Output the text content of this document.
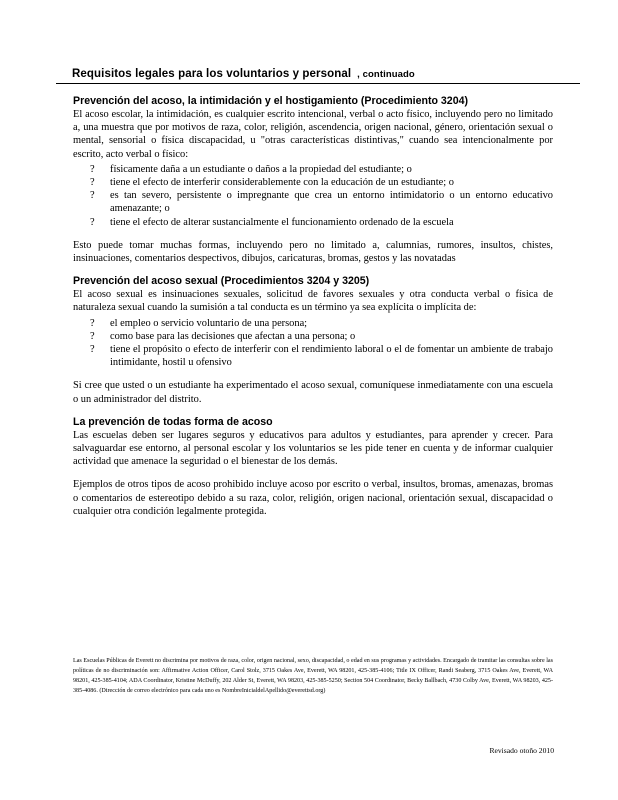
Requisitos legales para los voluntarios y personal , continuado

Prevención del acoso, la intimidación y el hostigamiento (Procedimiento 3204)

El acoso escolar, la intimidación, es cualquier escrito intencional, verbal o acto físico, incluyendo pero no limitado a, una muestra que por motivos de raza, color, religión, ascendencia, origen nacional, género, orientación sexual o mental, sensorial o física discapacidad, u "otras características distintivas," cuando sea intencionalmente por escrito, acto verbal o físico:

? físicamente daña a un estudiante o daños a la propiedad del estudiante; o
? tiene el efecto de interferir considerablemente con la educación de un estudiante; o
? es tan severo, persistente o impregnante que crea un entorno intimidatorio o un entorno educativo amenazante; o
? tiene el efecto de alterar sustancialmente el funcionamiento ordenado de la escuela

Esto puede tomar muchas formas, incluyendo pero no limitado a, calumnias, rumores, insultos, chistes, insinuaciones, comentarios despectivos, dibujos, caricaturas, bromas, gestos y las novatadas

Prevención del acoso sexual (Procedimientos 3204 y 3205)

El acoso sexual es insinuaciones sexuales, solicitud de favores sexuales y otra conducta verbal o física de naturaleza sexual cuando la sumisión a tal conducta es un término ya sea explícita o implícita de:

? el empleo o servicio voluntario de una persona;
? como base para las decisiones que afectan a una persona; o
? tiene el propósito o efecto de interferir con el rendimiento laboral o el de fomentar un ambiente de trabajo intimidante, hostil u ofensivo

Si cree que usted o un estudiante ha experimentado el acoso sexual, comuníquese inmediatamente con una escuela o un administrador del distrito.

La prevención de todas forma de acoso

Las escuelas deben ser lugares seguros y educativos para adultos y estudiantes, para aprender y crecer. Para salvaguardar ese entorno, al personal escolar y los voluntarios se les pide tener en cuenta y de informar cualquier actividad que amenace la seguridad o el bienestar de los demás.

Ejemplos de otros tipos de acoso prohibido incluye acoso por escrito o verbal, insultos, bromas, amenazas, bromas o comentarios de estereotipo debido a su raza, color, religión, origen nacional, orientación sexual, discapacidad o cualquier otra condición legalmente protegida.

Las Escuelas Públicas de Everett no discrimina por motivos de raza, color, origen nacional, sexo, discapacidad, o edad en sus programas y actividades. Encargado de tramitar las consultas sobre las políticas de no discriminación son: Affirmative Action Officer, Carol Stolz, 3715 Oakes Ave, Everett, WA 98201, 425-385-4106; Title IX Officer, Randi Seaberg, 3715 Oakes Ave, Everett, WA 98201, 425-385-4104; ADA Coordinator, Kristine McDuffy, 202 Alder St, Everett, WA 98203, 425-385-5250; Section 504 Coordinator, Becky Ballbach, 4730 Colby Ave, Everett, WA 98203, 425-385-4086. (Dirección de correo electrónico para cada uno es NombreInicialdelApellido@everettsd.org)
Revisado otoño 2010
